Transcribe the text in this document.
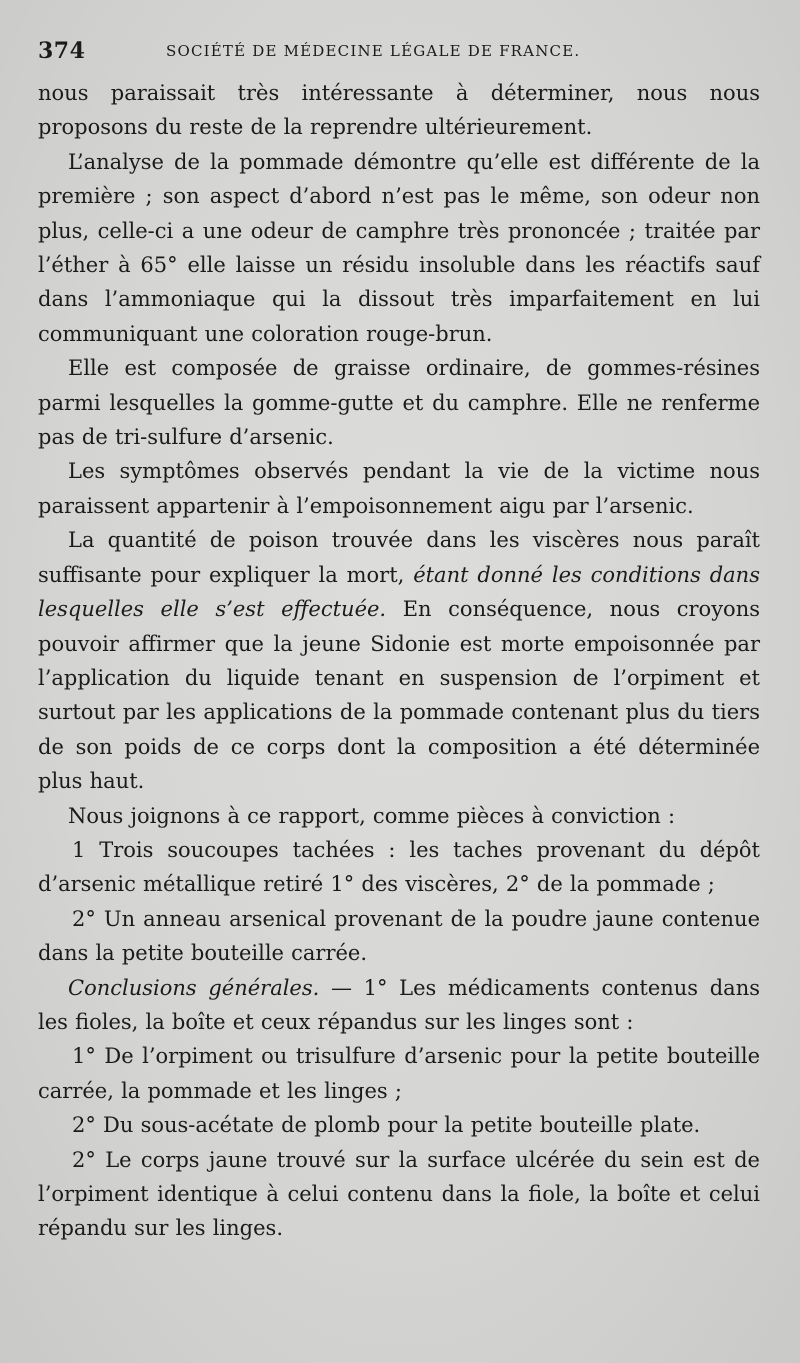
374	SOCIÉTÉ DE MÉDECINE LÉGALE DE FRANCE.

nous paraissait très intéressante à déterminer, nous nous proposons du reste de la reprendre ultérieurement.

L’analyse de la pommade démontre qu’elle est différente de la première ; son aspect d’abord n’est pas le même, son odeur non plus, celle-ci a une odeur de camphre très prononcée ; traitée par l’éther à 65° elle laisse un résidu insoluble dans les réactifs sauf dans l’ammoniaque qui la dissout très imparfaitement en lui communiquant une coloration rouge-brun.

Elle est composée de graisse ordinaire, de gommes-résines parmi lesquelles la gomme-gutte et du camphre. Elle ne renferme pas de tri-sulfure d’arsenic.

Les symptômes observés pendant la vie de la victime nous paraissent appartenir à l’empoisonnement aigu par l’arsenic.

La quantité de poison trouvée dans les viscères nous paraît suffisante pour expliquer la mort, étant donné les conditions dans lesquelles elle s’est effectuée. En conséquence, nous croyons pouvoir affirmer que la jeune Sidonie est morte empoisonnée par l’application du liquide tenant en suspension de l’orpiment et surtout par les applications de la pommade contenant plus du tiers de son poids de ce corps dont la composition a été déterminée plus haut.

Nous joignons à ce rapport, comme pièces à conviction :

1 Trois soucoupes tachées : les taches provenant du dépôt d’arsenic métallique retiré 1° des viscères, 2° de la pommade ;

2° Un anneau arsenical provenant de la poudre jaune contenue dans la petite bouteille carrée.

Conclusions générales. — 1° Les médicaments contenus dans les fioles, la boîte et ceux répandus sur les linges sont :

1° De l’orpiment ou trisulfure d’arsenic pour la petite bouteille carrée, la pommade et les linges ;

2° Du sous-acétate de plomb pour la petite bouteille plate.

2° Le corps jaune trouvé sur la surface ulcérée du sein est de l’orpiment identique à celui contenu dans la fiole, la boîte et celui répandu sur les linges.
